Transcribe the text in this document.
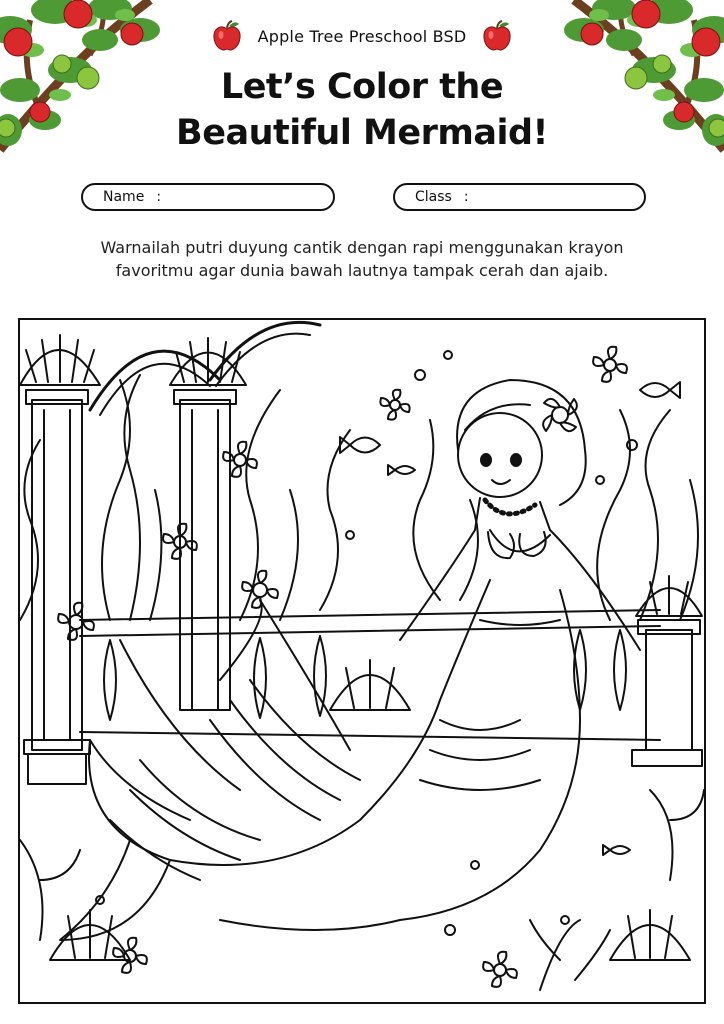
Apple Tree Preschool BSD
Let’s Color the
Beautiful Mermaid!
Name :	Class :
Warnailah putri duyung cantik dengan rapi menggunakan krayon
favoritmu agar dunia bawah lautnya tampak cerah dan ajaib.
